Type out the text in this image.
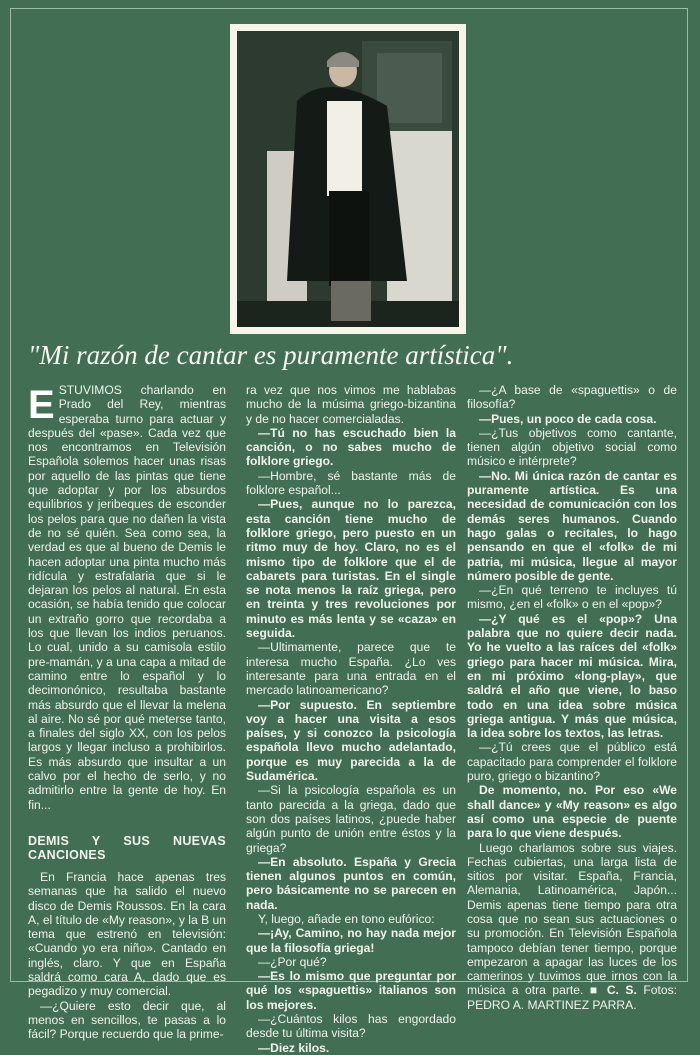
"Mi razón de cantar es puramente artística".

ESTUVIMOS charlando en Prado del Rey, mientras esperaba turno para actuar y después del «pase». Cada vez que nos encontramos en Televisión Española solemos hacer unas risas por aquello de las pintas que tiene que adoptar y por los absurdos equilibrios y jeribeques de esconder los pelos para que no dañen la vista de no sé quién. Sea como sea, la verdad es que al bueno de Demis le hacen adoptar una pinta mucho más ridícula y estrafalaria que si le dejaran los pelos al natural. En esta ocasión, se había tenido que colocar un extraño gorro que recordaba a los que llevan los indios peruanos. Lo cual, unido a su camisola estilo pre-mamán, y a una capa a mitad de camino entre lo español y lo decimonónico, resultaba bastante más absurdo que el llevar la melena al aire. No sé por qué meterse tanto, a finales del siglo XX, con los pelos largos y llegar incluso a prohibirlos. Es más absurdo que insultar a un calvo por el hecho de serlo, y no admitirlo entre la gente de hoy. En fin...

DEMIS Y SUS NUEVAS CANCIONES

En Francia hace apenas tres semanas que ha salido el nuevo disco de Demis Roussos. En la cara A, el título de «My reason», y la B un tema que estrenó en televisión: «Cuando yo era niño». Cantado en inglés, claro. Y que en España saldrá como cara A, dado que es pegadizo y muy comercial.

—¿Quiere esto decir que, al menos en sencillos, te pasas a lo fácil? Porque recuerdo que la prime-

ra vez que nos vimos me hablabas mucho de la músima griego-bizantina y de no hacer comercialadas.

—Tú no has escuchado bien la canción, o no sabes mucho de folklore griego.

—Hombre, sé bastante más de folklore español...

—Pues, aunque no lo parezca, esta canción tiene mucho de folklore griego, pero puesto en un ritmo muy de hoy. Claro, no es el mismo tipo de folklore que el de cabarets para turistas. En el single se nota menos la raíz griega, pero en treinta y tres revoluciones por minuto es más lenta y se «caza» en seguida.

—Ultimamente, parece que te interesa mucho España. ¿Lo ves interesante para una entrada en el mercado latinoamericano?

—Por supuesto. En septiembre voy a hacer una visita a esos países, y si conozco la psicología española llevo mucho adelantado, porque es muy parecida a la de Sudamérica.

—Si la psicología española es un tanto parecida a la griega, dado que son dos países latinos, ¿puede haber algún punto de unión entre éstos y la griega?

—En absoluto. España y Grecia tienen algunos puntos en común, pero básicamente no se parecen en nada.

Y, luego, añade en tono eufórico:

—¡Ay, Camino, no hay nada mejor que la filosofía griega!

—¿Por qué?

—Es lo mismo que preguntar por qué los «spaguettis» italianos son los mejores.

—¿Cuántos kilos has engordado desde tu última visita?

—Diez kilos.

—¿A base de «spaguettis» o de filosofía?

—Pues, un poco de cada cosa.

—¿Tus objetivos como cantante, tienen algún objetivo social como músico e intérprete?

—No. Mi única razón de cantar es puramente artística. Es una necesidad de comunicación con los demás seres humanos. Cuando hago galas o recitales, lo hago pensando en que el «folk» de mi patria, mi música, llegue al mayor número posible de gente.

—¿En qué terreno te incluyes tú mismo, ¿en el «folk» o en el «pop»?

—¿Y qué es el «pop»? Una palabra que no quiere decir nada. Yo he vuelto a las raíces del «folk» griego para hacer mi música. Mira, en mi próximo «long-play», que saldrá el año que viene, lo baso todo en una idea sobre música griega antigua. Y más que música, la idea sobre los textos, las letras.

—¿Tú crees que el público está capacitado para comprender el folklore puro, griego o bizantino?

De momento, no. Por eso «We shall dance» y «My reason» es algo así como una especie de puente para lo que viene después.

Luego charlamos sobre sus viajes. Fechas cubiertas, una larga lista de sitios por visitar. España, Francia, Alemania, Latinoamérica, Japón... Demis apenas tiene tiempo para otra cosa que no sean sus actuaciones o su promoción. En Televisión Española tampoco debían tener tiempo, porque empezaron a apagar las luces de los camerinos y tuvimos que irnos con la música a otra parte. ■ C. S. Fotos: PEDRO A. MARTINEZ PARRA.
